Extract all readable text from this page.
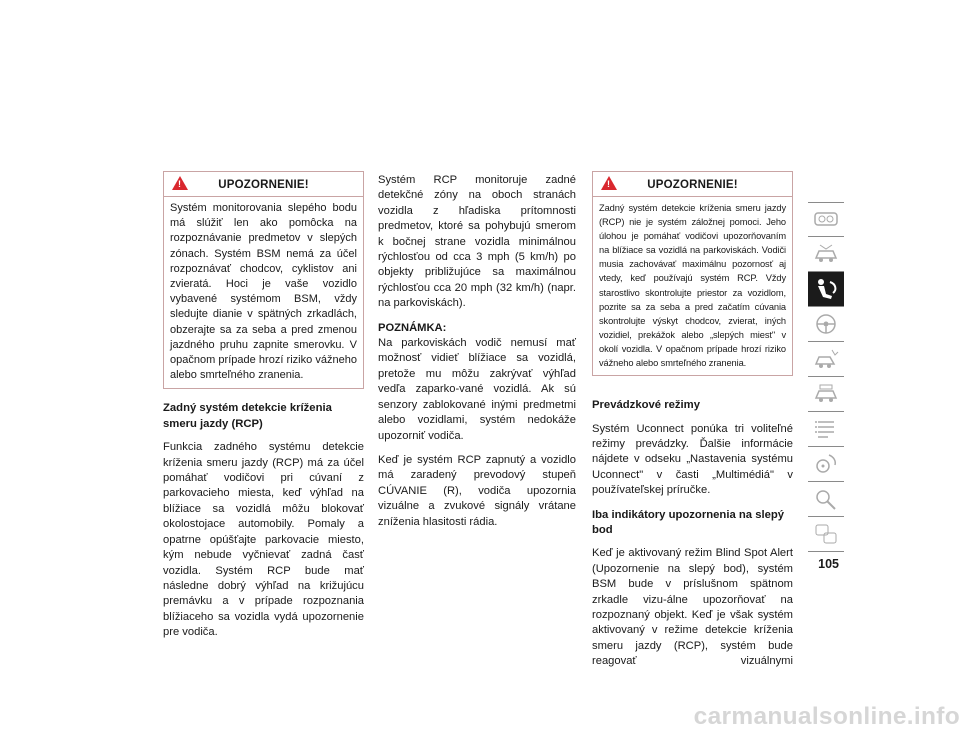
!
UPOZORNENIE!

Systém monitorovania slepého bodu má slúžiť len ako pomôcka na rozpoznávanie predmetov v slepých zónach. Systém BSM nemá za účel rozpoznávať chodcov, cyklistov ani zvieratá. Hoci je vaše vozidlo vybavené systémom BSM, vždy sledujte dianie v spätných zrkadlách, obzerajte sa za seba a pred zmenou jazdného pruhu zapnite smerovku. V opačnom prípade hrozí riziko vážneho alebo smrteľného zranenia.

Zadný systém detekcie kríženia smeru jazdy (RCP)

Funkcia zadného systému detekcie kríženia smeru jazdy (RCP) má za účel pomáhať vodičovi pri cúvaní z parkovacieho miesta, keď výhľad na blížiace sa vozidlá môžu blokovať okolostojace automobily. Pomaly a opatrne opúšťajte parkovacie miesto, kým nebude vyčnievať zadná časť vozidla. Systém RCP bude mať následne dobrý výhľad na križujúcu premávku a v prípade rozpoznania blížiaceho sa vozidla vydá upozornenie pre vodiča.

Systém RCP monitoruje zadné detekčné zóny na oboch stranách vozidla z hľadiska prítomnosti predmetov, ktoré sa pohybujú smerom k bočnej strane vozidla minimálnou rýchlosťou od cca 3 mph (5 km/h) po objekty približujúce sa maximálnou rýchlosťou cca 20 mph (32 km/h) (napr. na parkoviskách).

POZNÁMKA:

Na parkoviskách vodič nemusí mať možnosť vidieť blížiace sa vozidlá, pretože mu môžu zakrývať výhľad vedľa zaparko-vané vozidlá. Ak sú senzory zablokované inými predmetmi alebo vozidlami, systém nedokáže upozorniť vodiča.

Keď je systém RCP zapnutý a vozidlo má zaradený prevodový stupeň CÚVANIE (R), vodiča upozornia vizuálne a zvukové signály vrátane zníženia hlasitosti rádia.

!
UPOZORNENIE!

Zadný systém detekcie kríženia smeru jazdy (RCP) nie je systém záložnej pomoci. Jeho úlohou je pomáhať vodičovi upozorňovaním na blížiace sa vozidlá na parkoviskách. Vodiči musia zachovávať maximálnu pozornosť aj vtedy, keď používajú systém RCP. Vždy starostlivo skontrolujte priestor za vozidlom, pozrite sa za seba a pred začatím cúvania skontrolujte výskyt chodcov, zvierat, iných vozidiel, prekážok alebo „slepých miest" v okolí vozidla. V opačnom prípade hrozí riziko vážneho alebo smrteľného zranenia.

Prevádzkové režimy

Systém Uconnect ponúka tri voliteľné režimy prevádzky. Ďalšie informácie nájdete v odseku „Nastavenia systému Uconnect" v časti „Multimédiá" v používateľskej príručke.

Iba indikátory upozornenia na slepý bod

Keď je aktivovaný režim Blind Spot Alert (Upozornenie na slepý bod), systém BSM bude v príslušnom spätnom zrkadle vizu-álne upozorňovať na rozpoznaný objekt. Keď je však systém aktivovaný v režime detekcie kríženia smeru jazdy (RCP), systém bude reagovať vizuálnymi

105
carmanualsonline.info
